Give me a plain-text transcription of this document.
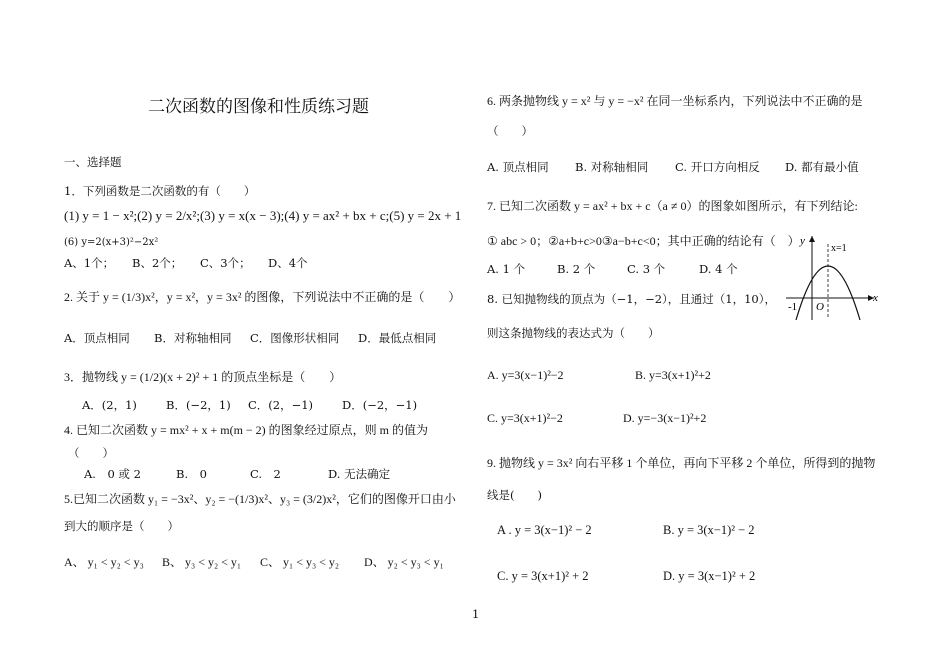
二次函数的图像和性质练习题
一、选择题
1．下列函数是二次函数的有（　　）
(1) y = 1 − x²;(2) y = 2/x²;(3) y = x(x − 3);(4) y = ax² + bx + c;(5) y = 2x + 1
(6) y=2(x+3)²−2x²
A、1个； B、2个； C、3个； D、4个
2. 关于 y = (1/3)x²，y = x²，y = 3x² 的图像，下列说法中不正确的是（　　）
A．顶点相同 B．对称轴相同 C．图像形状相同 D．最低点相同
3．抛物线 y = (1/2)(x + 2)² + 1 的顶点坐标是（　　）
A．(2，1)	B．(−2，1) C．(2，−1)	D．(−2，−1)
4. 已知二次函数 y = mx² + x + m(m − 2) 的图象经过原点，则 m 的值为
（　　）
A.　0 或 2	B.　0	C.　2	D. 无法确定
5.已知二次函数 y₁ = −3x²、y₂ = −(1/3)x²、y₃ = (3/2)x²，它们的图像开口由小
到大的顺序是（　　）
A、 y₁ < y₂ < y₃ B、 y₃ < y₂ < y₁ C、 y₁ < y₃ < y₂ D、 y₂ < y₃ < y₁
6. 两条抛物线 y = x² 与 y = −x² 在同一坐标系内，下列说法中不正确的是
（　　）
A. 顶点相同 B. 对称轴相同 C. 开口方向相反 D. 都有最小值
7. 已知二次函数 y = ax² + bx + c（a ≠ 0）的图象如图所示，有下列结论:
① abc > 0；②a+b+c>0③a−b+c<0；其中正确的结论有（　）
A. 1 个	B. 2 个	C. 3 个	D. 4 个
y
x
O
-1
x=1
8. 已知抛物线的顶点为（−1，−2），且通过（1，10），
则这条抛物线的表达式为（　　）
A. y=3(x−1)²−2	B. y=3(x+1)²+2
C. y=3(x+1)²−2	D. y=−3(x−1)²+2
9. 抛物线 y = 3x² 向右平移 1 个单位，再向下平移 2 个单位，所得到的抛物
线是(　　)
A . y = 3(x−1)² − 2	B. y = 3(x−1)² − 2
C. y = 3(x+1)² + 2	D. y = 3(x−1)² + 2
1
